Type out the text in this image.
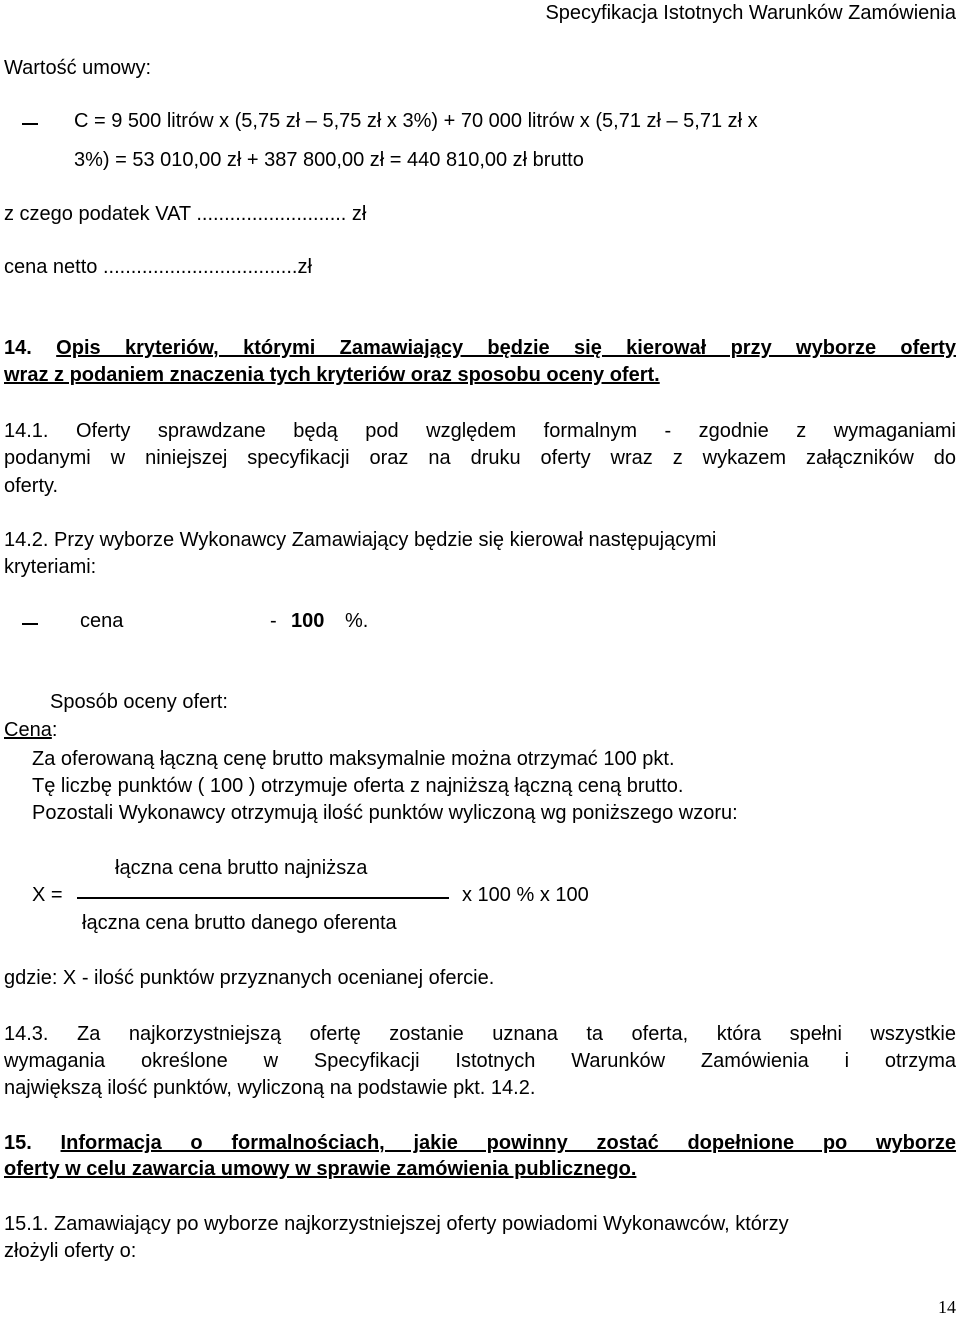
Specyfikacja Istotnych Warunków Zamówienia
Wartość umowy:
C = 9 500 litrów x (5,75 zł – 5,75 zł x 3%) + 70 000 litrów x (5,71 zł – 5,71 zł x
3%) = 53 010,00 zł + 387 800,00 zł = 440 810,00 zł brutto
z czego podatek VAT ........................... zł
cena netto ...................................zł
14. Opis kryteriów, którymi Zamawiający będzie się kierował przy wyborze oferty
wraz z podaniem znaczenia tych kryteriów oraz sposobu oceny ofert.
14.1. Oferty sprawdzane będą pod względem formalnym - zgodnie z wymaganiami
podanymi w niniejszej specyfikacji oraz na druku oferty wraz z wykazem załączników do
oferty.
14.2. Przy wyborze Wykonawcy Zamawiający będzie się kierował następującymi
kryteriami:
cena	- 100 %.
Sposób oceny ofert:
Cena:
Za oferowaną łączną cenę brutto maksymalnie można otrzymać 100 pkt.
Tę liczbę punktów ( 100 ) otrzymuje oferta z najniższą łączną ceną brutto.
Pozostali Wykonawcy otrzymują ilość punktów wyliczoną wg poniższego wzoru:
łączna cena brutto najniższa
X =	x 100 % x 100
łączna cena brutto danego oferenta
gdzie: X - ilość punktów przyznanych ocenianej ofercie.
14.3. Za najkorzystniejszą ofertę zostanie uznana ta oferta, która spełni wszystkie
wymagania określone w Specyfikacji Istotnych Warunków Zamówienia i otrzyma
największą ilość punktów, wyliczoną na podstawie pkt. 14.2.
15. Informacja o formalnościach, jakie powinny zostać dopełnione po wyborze
oferty w celu zawarcia umowy w sprawie zamówienia publicznego.
15.1. Zamawiający po wyborze najkorzystniejszej oferty powiadomi Wykonawców, którzy
złożyli oferty o:
14
